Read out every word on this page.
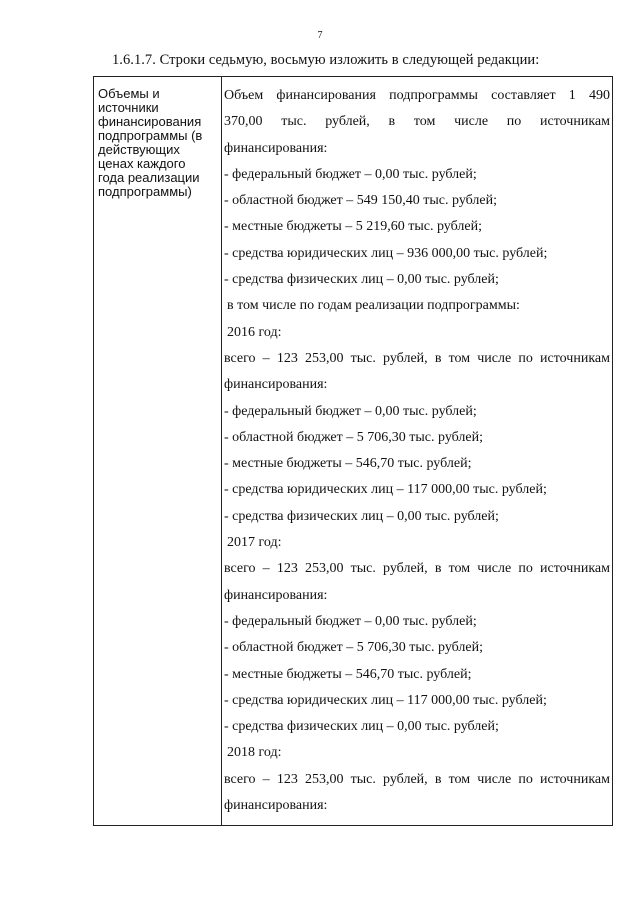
7
1.6.1.7. Строки седьмую, восьмую изложить в следующей редакции:
Объемы и
источники
финансирования
подпрограммы (в
действующих
ценах каждого
года реализации
подпрограммы)
Объем финансирования подпрограммы составляет 1 490
370,00 тыс. рублей, в том числе по источникам
финансирования:
- федеральный бюджет – 0,00 тыс. рублей;
- областной бюджет – 549 150,40 тыс. рублей;
- местные бюджеты – 5 219,60 тыс. рублей;
- средства юридических лиц – 936 000,00 тыс. рублей;
- средства физических лиц – 0,00 тыс. рублей;
в том числе по годам реализации подпрограммы:
2016 год:
всего – 123 253,00 тыс. рублей, в том числе по источникам
финансирования:
- федеральный бюджет – 0,00 тыс. рублей;
- областной бюджет – 5 706,30 тыс. рублей;
- местные бюджеты – 546,70 тыс. рублей;
- средства юридических лиц – 117 000,00 тыс. рублей;
- средства физических лиц – 0,00 тыс. рублей;
2017 год:
всего – 123 253,00 тыс. рублей, в том числе по источникам
финансирования:
- федеральный бюджет – 0,00 тыс. рублей;
- областной бюджет – 5 706,30 тыс. рублей;
- местные бюджеты – 546,70 тыс. рублей;
- средства юридических лиц – 117 000,00 тыс. рублей;
- средства физических лиц – 0,00 тыс. рублей;
2018 год:
всего – 123 253,00 тыс. рублей, в том числе по источникам
финансирования:
